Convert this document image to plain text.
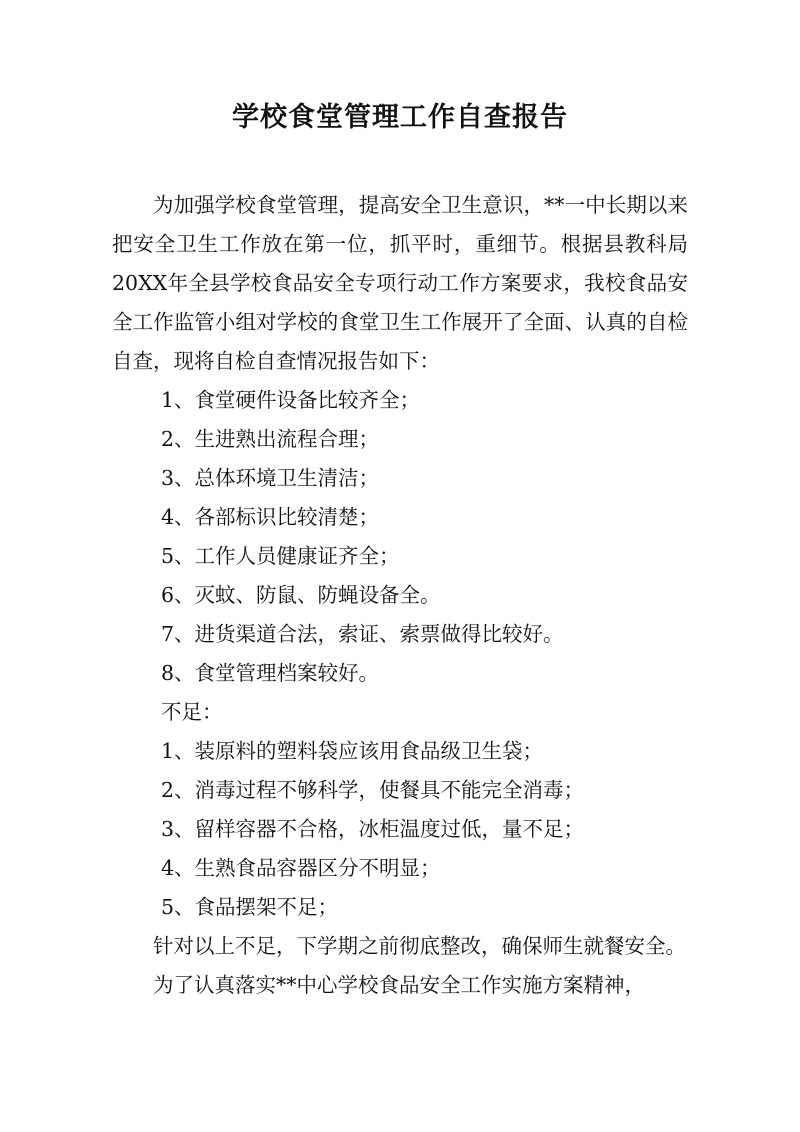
学校食堂管理工作自查报告

为加强学校食堂管理，提高安全卫生意识，**一中长期以来把安全卫生工作放在第一位，抓平时，重细节。根据县教科局20XX年全县学校食品安全专项行动工作方案要求，我校食品安全工作监管小组对学校的食堂卫生工作展开了全面、认真的自检自查，现将自检自查情况报告如下：

1、食堂硬件设备比较齐全；

2、生进熟出流程合理；

3、总体环境卫生清洁；

4、各部标识比较清楚；

5、工作人员健康证齐全；

6、灭蚊、防鼠、防蝇设备全。

7、进货渠道合法，索证、索票做得比较好。

8、食堂管理档案较好。

不足：

1、装原料的塑料袋应该用食品级卫生袋；

2、消毒过程不够科学，使餐具不能完全消毒；

3、留样容器不合格，冰柜温度过低，量不足；

4、生熟食品容器区分不明显；

5、食品摆架不足；

针对以上不足，下学期之前彻底整改，确保师生就餐安全。

为了认真落实**中心学校食品安全工作实施方案精神，
